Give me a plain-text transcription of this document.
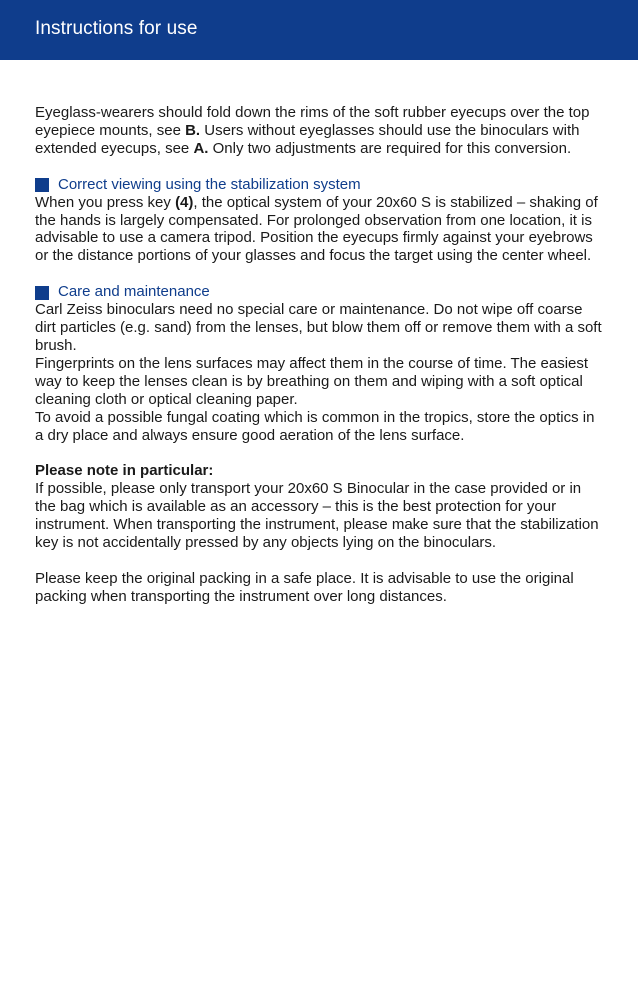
Instructions for use

Eyeglass-wearers should fold down the rims of the soft rubber eyecups over the top eyepiece mounts, see B. Users without eyeglasses should use the binoculars with extended eyecups, see A. Only two adjustments are required for this conversion.

Correct viewing using the stabilization system

When you press key (4), the optical system of your 20x60 S is stabilized – shaking of the hands is largely compensated. For prolonged observation from one location, it is advisable to use a camera tripod. Position the eyecups firmly against your eyebrows or the distance portions of your glasses and focus the target using the center wheel.

Care and maintenance

Carl Zeiss binoculars need no special care or maintenance. Do not wipe off coarse dirt particles (e.g. sand) from the lenses, but blow them off or remove them with a soft brush.

Fingerprints on the lens surfaces may affect them in the course of time. The easiest way to keep the lenses clean is by breathing on them and wiping with a soft optical cleaning cloth or optical cleaning paper.

To avoid a possible fungal coating which is common in the tropics, store the optics in a dry place and always ensure good aeration of the lens surface.

Please note in particular:

If possible, please only transport your 20x60 S Binocular in the case provided or in the bag which is available as an accessory – this is the best protection for your instrument. When transporting the instrument, please make sure that the stabilization key is not accidentally pressed by any objects lying on the binoculars.

Please keep the original packing in a safe place. It is advisable to use the original packing when transporting the instrument over long distances.
